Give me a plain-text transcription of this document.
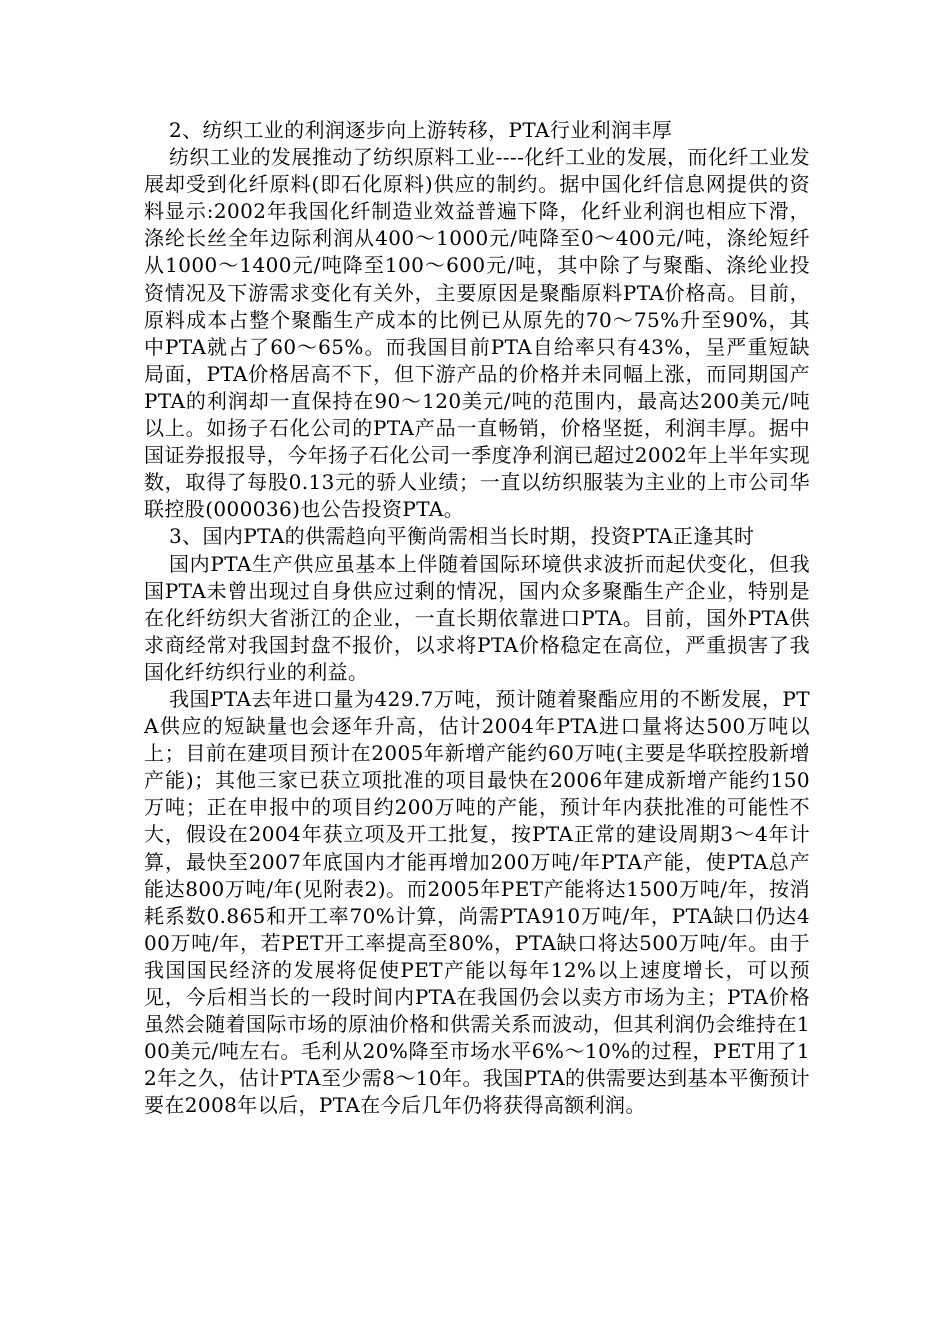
2、纺织工业的利润逐步向上游转移，PTA行业利润丰厚

纺织工业的发展推动了纺织原料工业----化纤工业的发展，而化纤工业发展却受到化纤原料(即石化原料)供应的制约。据中国化纤信息网提供的资料显示:2002年我国化纤制造业效益普遍下降，化纤业利润也相应下滑，涤纶长丝全年边际利润从400～1000元/吨降至0～400元/吨，涤纶短纤从1000～1400元/吨降至100～600元/吨，其中除了与聚酯、涤纶业投资情况及下游需求变化有关外，主要原因是聚酯原料PTA价格高。目前，原料成本占整个聚酯生产成本的比例已从原先的70～75%升至90%，其中PTA就占了60～65%。而我国目前PTA自给率只有43%，呈严重短缺局面，PTA价格居高不下，但下游产品的价格并未同幅上涨，而同期国产PTA的利润却一直保持在90～120美元/吨的范围内，最高达200美元/吨以上。如扬子石化公司的PTA产品一直畅销，价格坚挺，利润丰厚。据中国证券报报导，今年扬子石化公司一季度净利润已超过2002年上半年实现数，取得了每股0.13元的骄人业绩；一直以纺织服装为主业的上市公司华联控股(000036)也公告投资PTA。

3、国内PTA的供需趋向平衡尚需相当长时期，投资PTA正逢其时

国内PTA生产供应虽基本上伴随着国际环境供求波折而起伏变化，但我国PTA未曾出现过自身供应过剩的情况，国内众多聚酯生产企业，特别是在化纤纺织大省浙江的企业，一直长期依靠进口PTA。目前，国外PTA供求商经常对我国封盘不报价，以求将PTA价格稳定在高位，严重损害了我国化纤纺织行业的利益。

我国PTA去年进口量为429.7万吨，预计随着聚酯应用的不断发展，PTA供应的短缺量也会逐年升高，估计2004年PTA进口量将达500万吨以上；目前在建项目预计在2005年新增产能约60万吨(主要是华联控股新增产能)；其他三家已获立项批准的项目最快在2006年建成新增产能约150万吨；正在申报中的项目约200万吨的产能，预计年内获批准的可能性不大，假设在2004年获立项及开工批复，按PTA正常的建设周期3～4年计算，最快至2007年底国内才能再增加200万吨/年PTA产能，使PTA总产能达800万吨/年(见附表2)。而2005年PET产能将达1500万吨/年，按消耗系数0.865和开工率70%计算，尚需PTA910万吨/年，PTA缺口仍达400万吨/年，若PET开工率提高至80%，PTA缺口将达500万吨/年。由于我国国民经济的发展将促使PET产能以每年12%以上速度增长，可以预见，今后相当长的一段时间内PTA在我国仍会以卖方市场为主；PTA价格虽然会随着国际市场的原油价格和供需关系而波动，但其利润仍会维持在100美元/吨左右。毛利从20%降至市场水平6%～10%的过程，PET用了12年之久，估计PTA至少需8～10年。我国PTA的供需要达到基本平衡预计要在2008年以后，PTA在今后几年仍将获得高额利润。
